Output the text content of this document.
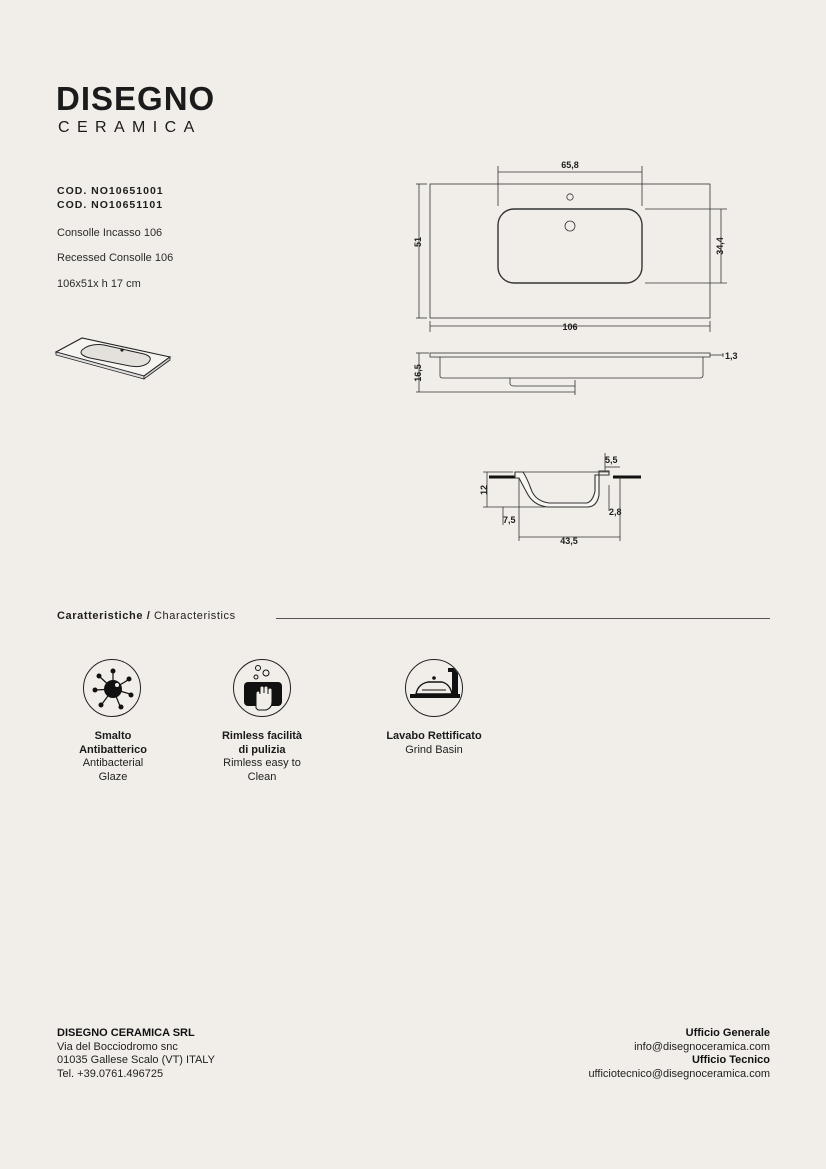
DISEGNO
CERAMICA
COD. NO10651001
COD. NO10651101
Consolle Incasso 106
Recessed Consolle 106
106x51x h 17 cm
65,8
51	34,4
106
1,3
16,5
12
5,5
7,5
2,8
43,5
Caratteristiche / Characteristics
Smalto
Antibatterico
Antibacterial
Glaze
Rimless facilità
di pulizia
Rimless easy to
Clean
Lavabo Rettificato
Grind Basin
DISEGNO CERAMICA SRL
Via del Bocciodromo snc
01035 Gallese Scalo (VT) ITALY
Tel. +39.0761.496725
Ufficio Generale
info@disegnoceramica.com
Ufficio Tecnico
ufficiotecnico@disegnoceramica.com
